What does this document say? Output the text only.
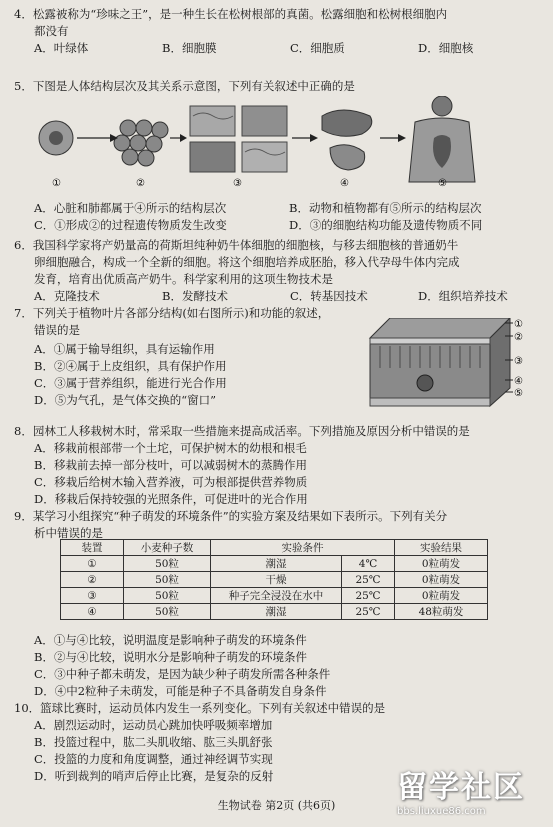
4．松露被称为“珍味之王”，是一种生长在松树根部的真菌。松露细胞和松树根细胞内
都没有
A．叶绿体	B．细胞膜	C．细胞质	D．细胞核
5．下图是人体结构层次及其关系示意图，下列有关叙述中正确的是
①	②	③	④	⑤
A．心脏和肺都属于④所示的结构层次	B．动物和植物都有⑤所示的结构层次
C．①形成②的过程遗传物质发生改变	D．③的细胞结构功能及遗传物质不同
6．我国科学家将产奶量高的荷斯坦纯种奶牛体细胞的细胞核，与移去细胞核的普通奶牛
卵细胞融合，构成一个全新的细胞。将这个细胞培养成胚胎，移入代孕母牛体内完成
发育，培育出优质高产奶牛。科学家利用的这项生物技术是
A．克隆技术	B．发酵技术	C．转基因技术	D．组织培养技术
7．下列关于植物叶片各部分结构(如右图所示)和功能的叙述，
错误的是
A．①属于输导组织，具有运输作用
B．②④属于上皮组织，具有保护作用
C．③属于营养组织，能进行光合作用
D．⑤为气孔，是气体交换的“窗口”
①
②
③
④
⑤
8．园林工人移栽树木时，常采取一些措施来提高成活率。下列措施及原因分析中错误的是
A．移栽前根部带一个土坨，可保护树木的幼根和根毛
B．移栽前去掉一部分枝叶，可以减弱树木的蒸腾作用
C．移栽后给树木输入营养液，可为根部提供营养物质
D．移栽后保持较强的光照条件，可促进叶的光合作用
9．某学习小组探究“种子萌发的环境条件”的实验方案及结果如下表所示。下列有关分
析中错误的是
装置	小麦种子数	实验条件		实验结果
①	50粒	潮湿	4℃	0粒萌发
②	50粒	干燥	25℃	0粒萌发
③	50粒	种子完全浸没在水中	25℃	0粒萌发
④	50粒	潮湿	25℃	48粒萌发
A．①与④比较，说明温度是影响种子萌发的环境条件
B．②与④比较，说明水分是影响种子萌发的环境条件
C．③中种子都未萌发，是因为缺少种子萌发所需各种条件
D．④中2粒种子未萌发，可能是种子不具备萌发自身条件
10．篮球比赛时，运动员体内发生一系列变化。下列有关叙述中错误的是
A．剧烈运动时，运动员心跳加快呼吸频率增加
B．投篮过程中，肱二头肌收缩、肱三头肌舒张
C．投篮的力度和角度调整，通过神经调节实现
D．听到裁判的哨声后停止比赛，是复杂的反射
生物试卷 第2页 (共6页)
留学社区
bbs.liuxue86.com
